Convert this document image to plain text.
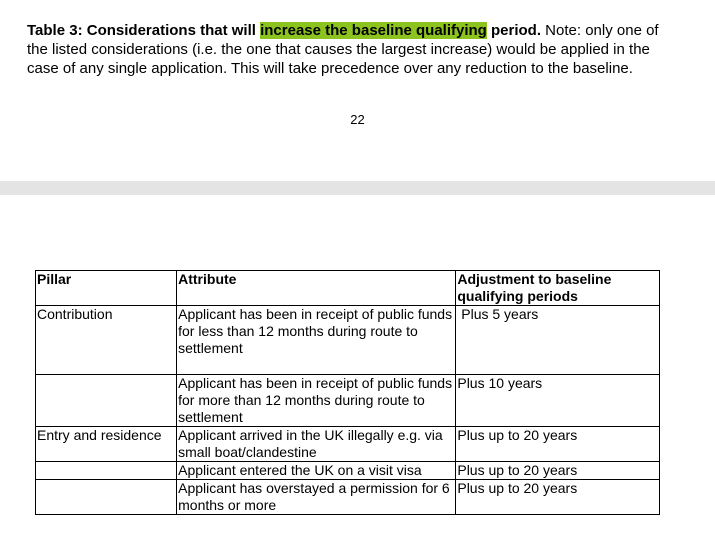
Table 3: Considerations that will increase the baseline qualifying period. Note: only one of the listed considerations (i.e. the one that causes the largest increase) would be applied in the case of any single application. This will take precedence over any reduction to the baseline.

22
Pillar	Attribute	Adjustment to baseline qualifying periods
Contribution	Applicant has been in receipt of public funds for less than 12 months during route to settlement	Plus 5 years
	Applicant has been in receipt of public funds for more than 12 months during route to settlement	Plus 10 years
Entry and residence	Applicant arrived in the UK illegally e.g. via small boat/clandestine	Plus up to 20 years
	Applicant entered the UK on a visit visa	Plus up to 20 years
	Applicant has overstayed a permission for 6 months or more	Plus up to 20 years
